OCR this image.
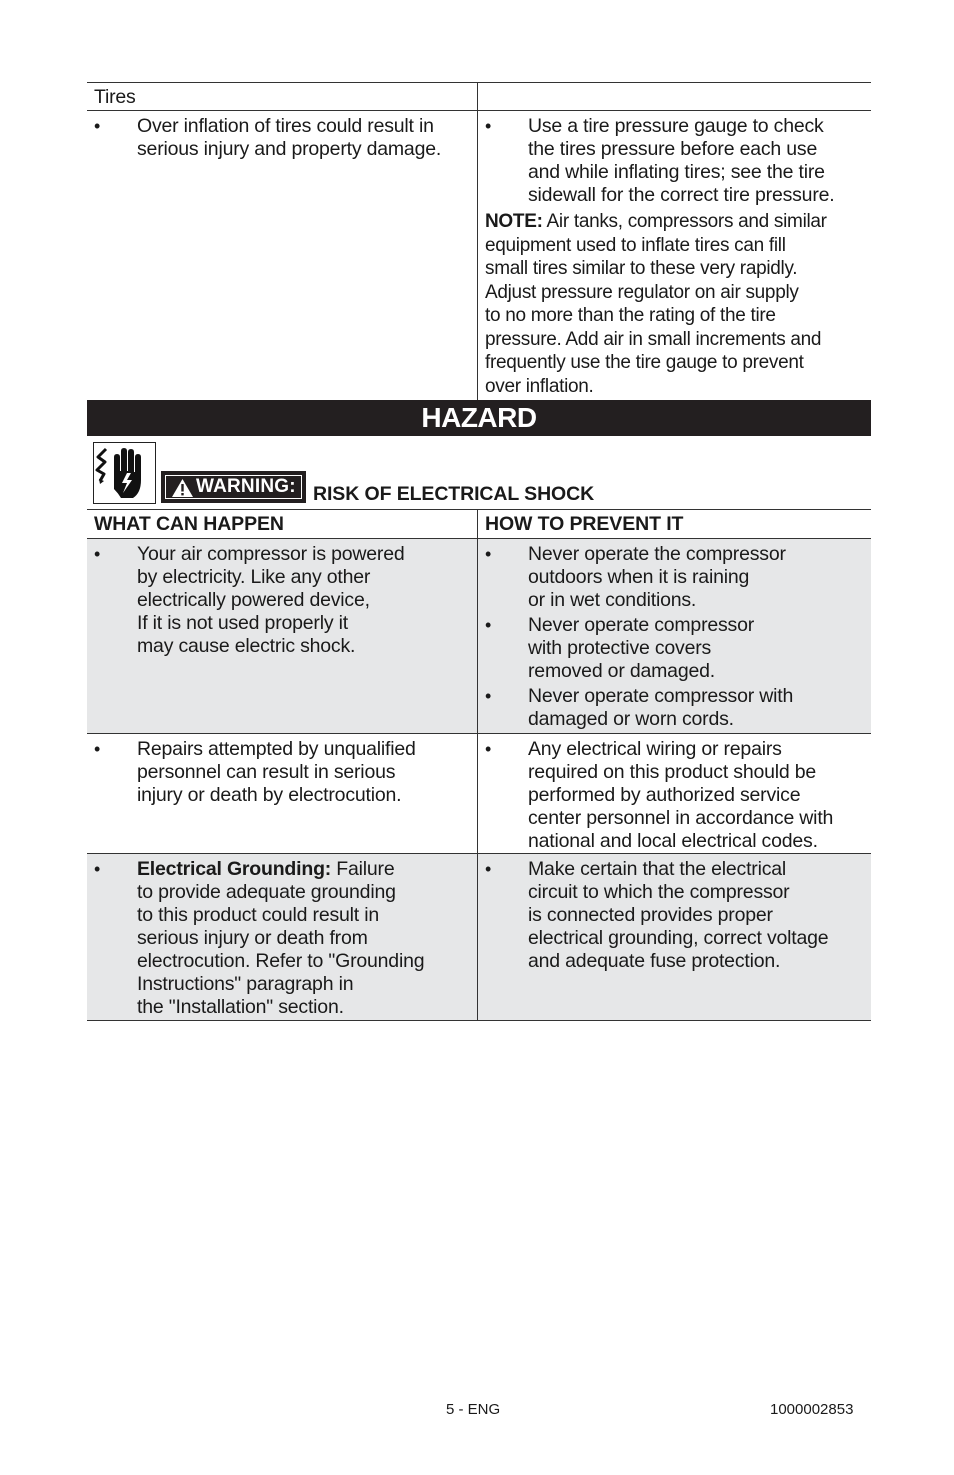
Tires
• Over inflation of tires could result in
serious injury and property damage.
• Use a tire pressure gauge to check
the tires pressure before each use
and while inflating tires; see the tire
sidewall for the correct tire pressure.
NOTE: Air tanks, compressors and similar
equipment used to inflate tires can fill
small tires similar to these very rapidly.
Adjust pressure regulator on air supply
to no more than the rating of the tire
pressure. Add air in small increments and
frequently use the tire gauge to prevent
over inflation.
HAZARD
WARNING: RISK OF ELECTRICAL SHOCK
WHAT CAN HAPPEN	HOW TO PREVENT IT
• Your air compressor is powered
by electricity. Like any other
electrically powered device,
If it is not used properly it
may cause electric shock.
• Never operate the compressor
outdoors when it is raining
or in wet conditions.
• Never operate compressor
with protective covers
removed or damaged.
• Never operate compressor with
damaged or worn cords.
• Repairs attempted by unqualified
personnel can result in serious
injury or death by electrocution.
• Any electrical wiring or repairs
required on this product should be
performed by authorized service
center personnel in accordance with
national and local electrical codes.
• Electrical Grounding: Failure
to provide adequate grounding
to this product could result in
serious injury or death from
electrocution. Refer to "Grounding
Instructions" paragraph in
the "Installation" section.
• Make certain that the electrical
circuit to which the compressor
is connected provides proper
electrical grounding, correct voltage
and adequate fuse protection.
5 - ENG	1000002853
